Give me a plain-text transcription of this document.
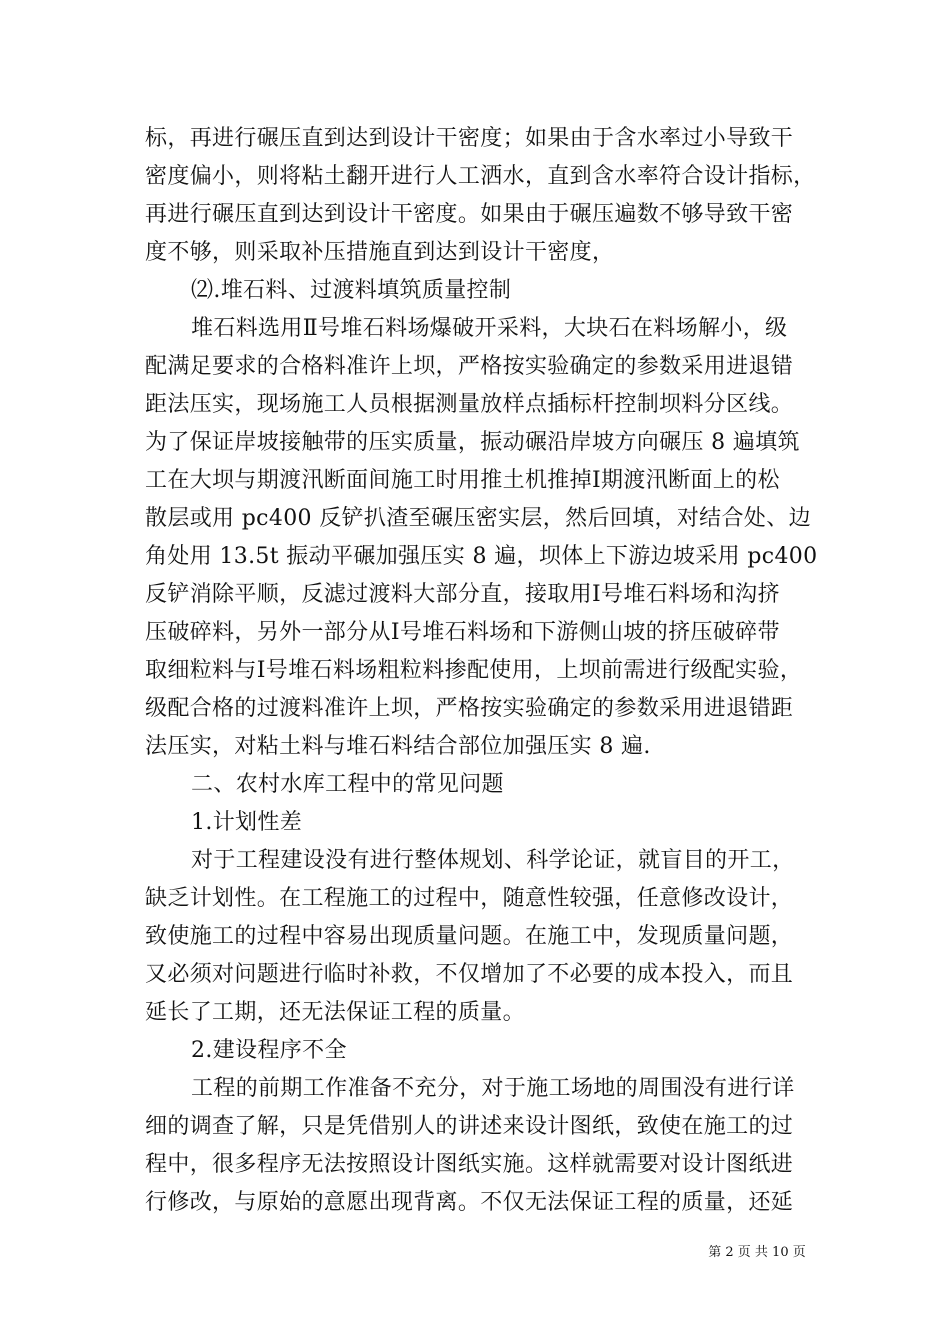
标，再进行碾压直到达到设计干密度；如果由于含水率过小导致干
密度偏小，则将粘土翻开进行人工洒水，直到含水率符合设计指标，
再进行碾压直到达到设计干密度。如果由于碾压遍数不够导致干密
度不够，则采取补压措施直到达到设计干密度，
⑵.堆石料、过渡料填筑质量控制
堆石料选用Ⅱ号堆石料场爆破开采料，大块石在料场解小，级
配满足要求的合格料准许上坝，严格按实验确定的参数采用进退错
距法压实，现场施工人员根据测量放样点插标杆控制坝料分区线。
为了保证岸坡接触带的压实质量，振动碾沿岸坡方向碾压 8 遍填筑
工在大坝与期渡汛断面间施工时用推土机推掉Ⅰ期渡汛断面上的松
散层或用 pc400 反铲扒渣至碾压密实层，然后回填，对结合处、边
角处用 13.5t 振动平碾加强压实 8 遍，坝体上下游边坡采用 pc400
反铲消除平顺，反滤过渡料大部分直，接取用Ⅰ号堆石料场和沟挤
压破碎料，另外一部分从Ⅰ号堆石料场和下游侧山坡的挤压破碎带
取细粒料与Ⅰ号堆石料场粗粒料掺配使用，上坝前需进行级配实验，
级配合格的过渡料准许上坝，严格按实验确定的参数采用进退错距
法压实，对粘土料与堆石料结合部位加强压实 8 遍.
二、农村水库工程中的常见问题
1.计划性差
对于工程建设没有进行整体规划、科学论证，就盲目的开工，
缺乏计划性。在工程施工的过程中，随意性较强，任意修改设计，
致使施工的过程中容易出现质量问题。在施工中，发现质量问题，
又必须对问题进行临时补救，不仅增加了不必要的成本投入，而且
延长了工期，还无法保证工程的质量。
2.建设程序不全
工程的前期工作准备不充分，对于施工场地的周围没有进行详
细的调查了解，只是凭借别人的讲述来设计图纸，致使在施工的过
程中，很多程序无法按照设计图纸实施。这样就需要对设计图纸进
行修改，与原始的意愿出现背离。不仅无法保证工程的质量，还延
第 2 页 共 10 页
